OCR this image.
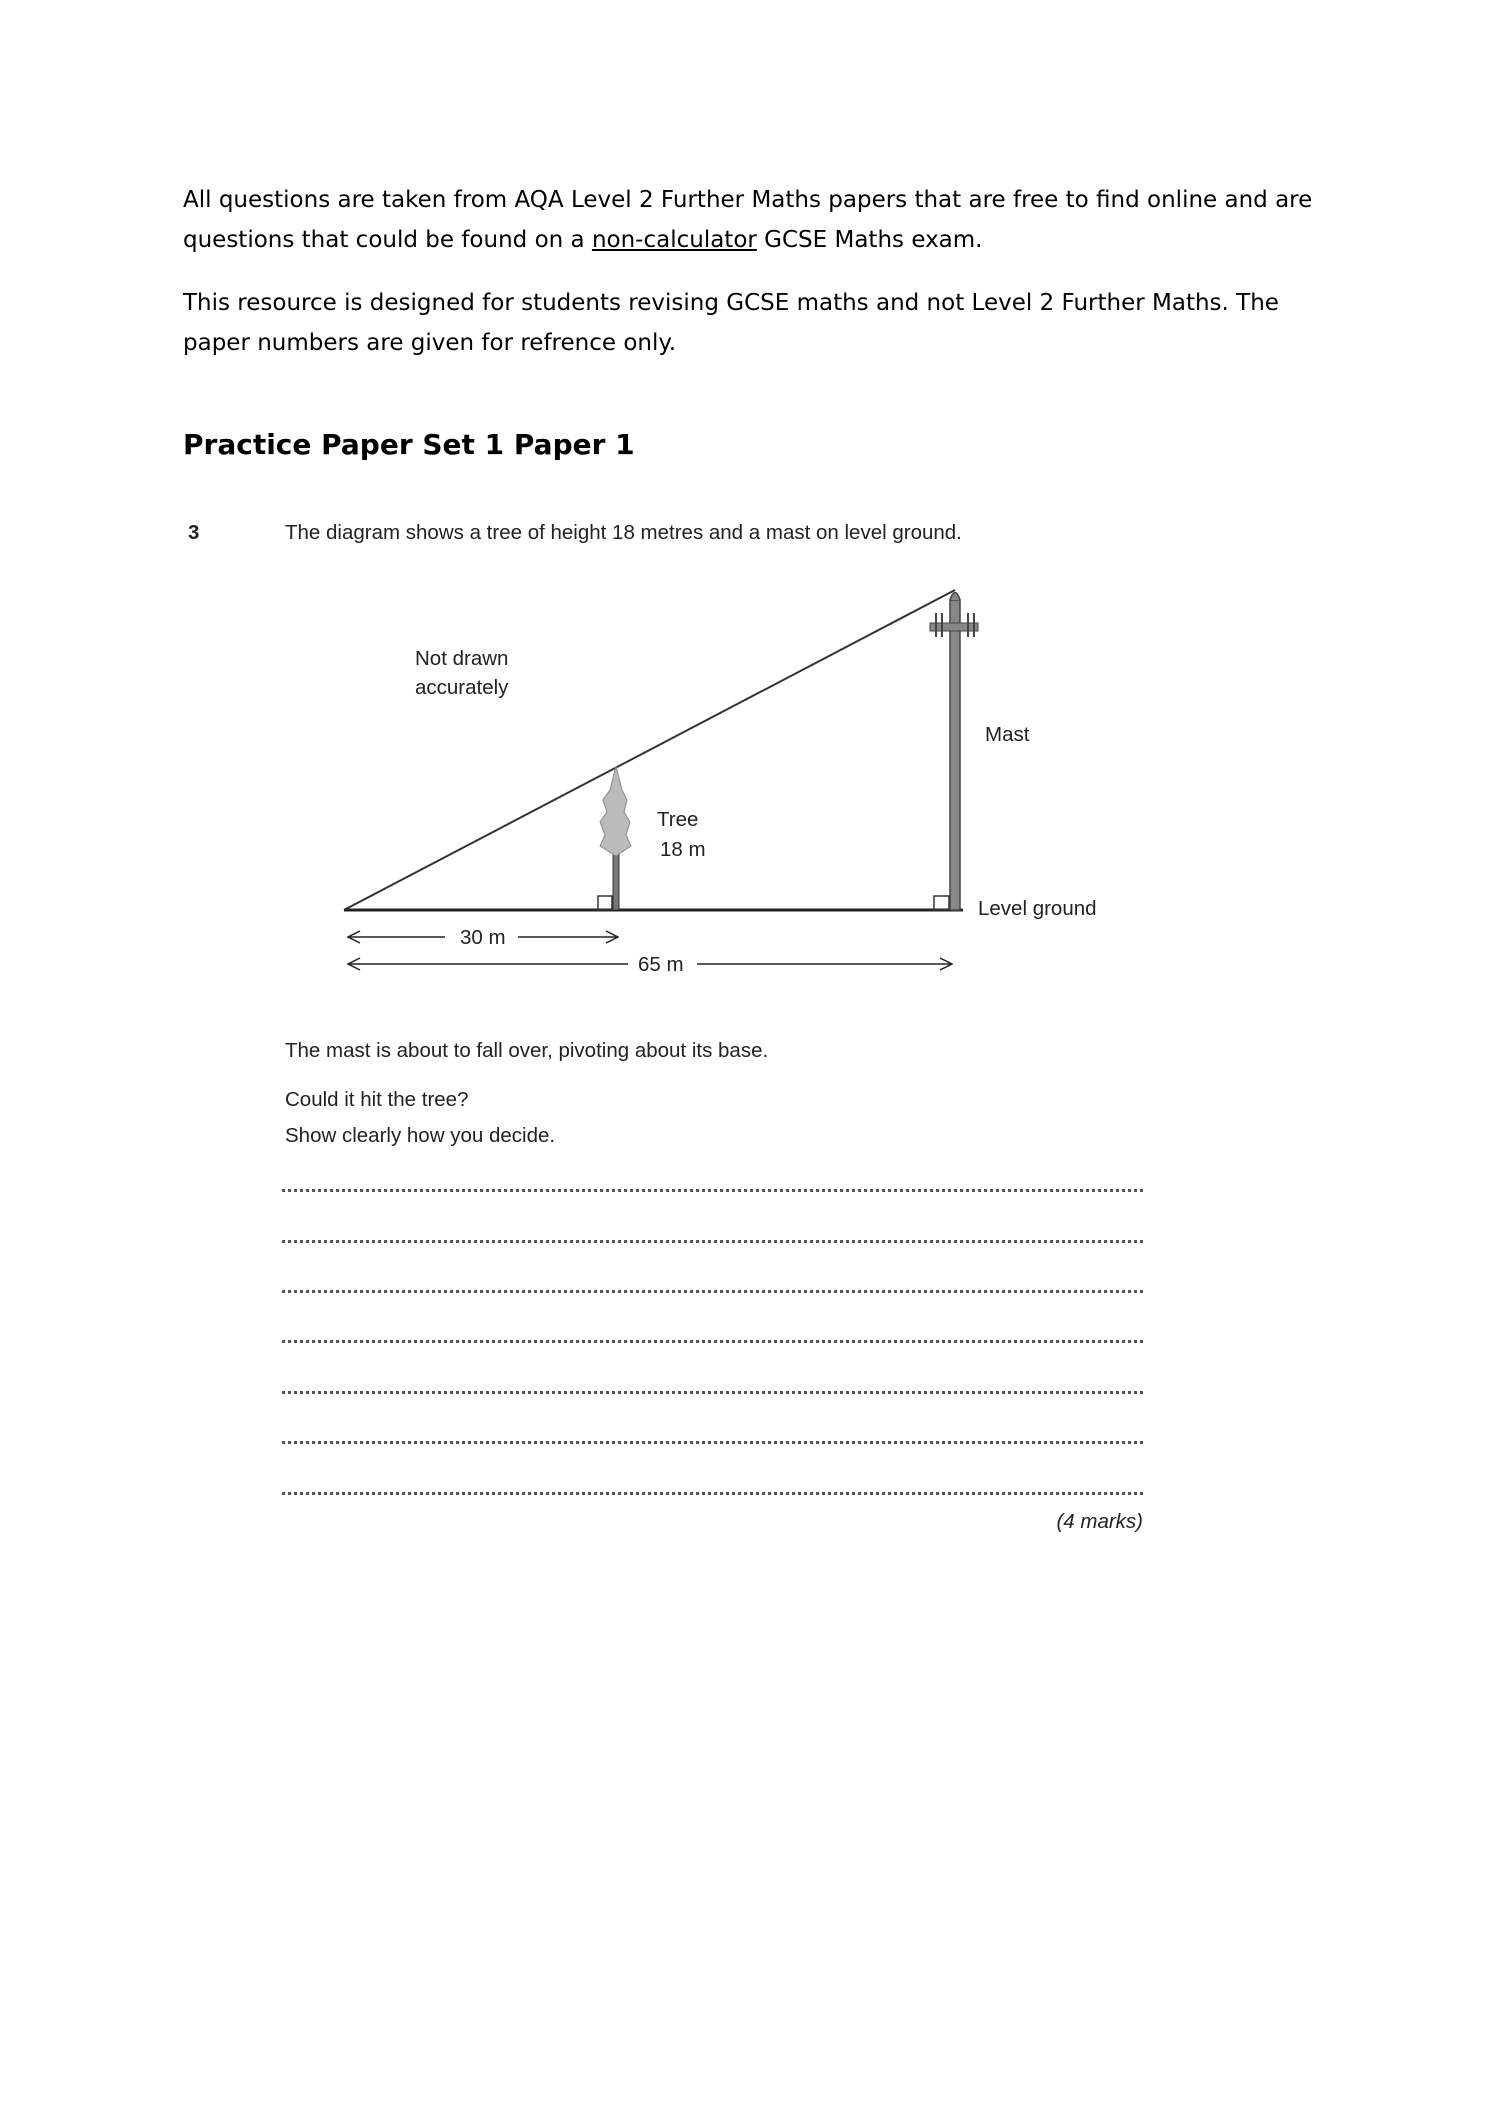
All questions are taken from AQA Level 2 Further Maths papers that are free to find online and are questions that could be found on a non-calculator GCSE Maths exam.

This resource is designed for students revising GCSE maths and not Level 2 Further Maths. The paper numbers are given for refrence only.

Practice Paper Set 1 Paper 1
3	The diagram shows a tree of height 18 metres and a mast on level ground.
Not drawn
accurately
Mast
Tree
18 m
Level ground
30 m
65 m
The mast is about to fall over, pivoting about its base.
Could it hit the tree?
Show clearly how you decide.
(4 marks)
